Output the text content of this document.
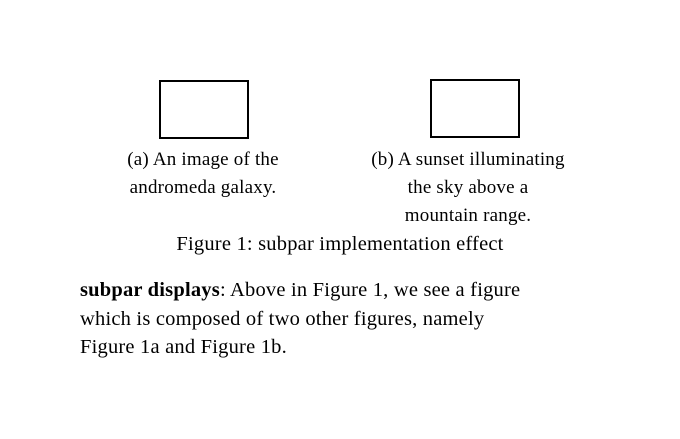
(a) An image of the
andromeda galaxy.
(b) A sunset illuminating
the sky above a
mountain range.
Figure 1: subpar implementation effect

subpar displays: Above in Figure 1, we see a figure
which is composed of two other figures, namely
Figure 1a and Figure 1b.
